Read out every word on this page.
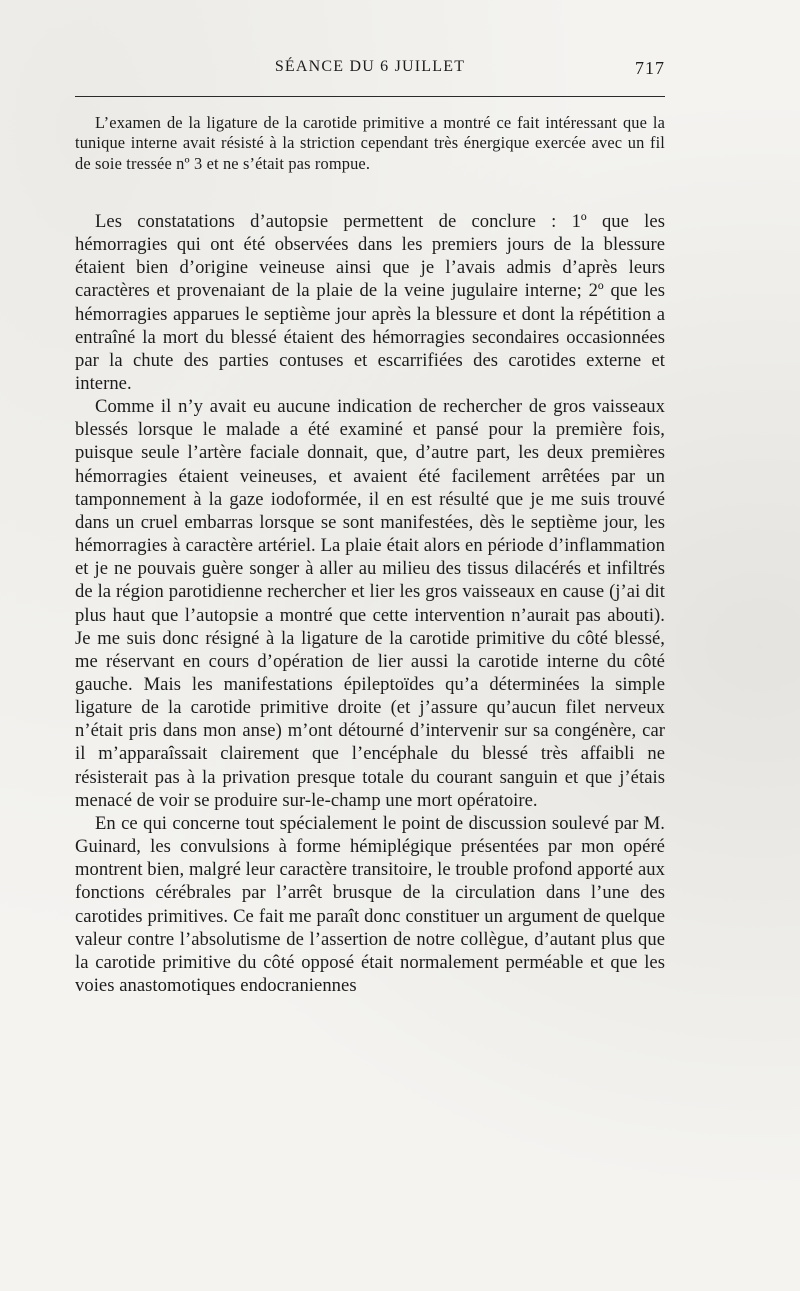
SÉANCE DU 6 JUILLET	717

L’examen de la ligature de la carotide primitive a montré ce fait intéressant que la tunique interne avait résisté à la striction cependant très énergique exercée avec un fil de soie tressée nº 3 et ne s’était pas rompue.

Les constatations d’autopsie permettent de conclure : 1º que les hémorragies qui ont été observées dans les premiers jours de la blessure étaient bien d’origine veineuse ainsi que je l’avais admis d’après leurs caractères et provenaiant de la plaie de la veine jugulaire interne; 2º que les hémorragies apparues le septième jour après la blessure et dont la répétition a entraîné la mort du blessé étaient des hémorragies secondaires occasionnées par la chute des parties contuses et escarrifiées des carotides externe et interne.

Comme il n’y avait eu aucune indication de rechercher de gros vaisseaux blessés lorsque le malade a été examiné et pansé pour la première fois, puisque seule l’artère faciale donnait, que, d’autre part, les deux premières hémorragies étaient veineuses, et avaient été facilement arrêtées par un tamponnement à la gaze iodoformée, il en est résulté que je me suis trouvé dans un cruel embarras lorsque se sont manifestées, dès le septième jour, les hémorragies à caractère artériel. La plaie était alors en période d’inflammation et je ne pouvais guère songer à aller au milieu des tissus dilacérés et infiltrés de la région parotidienne rechercher et lier les gros vaisseaux en cause (j’ai dit plus haut que l’autopsie a montré que cette intervention n’aurait pas abouti). Je me suis donc résigné à la ligature de la carotide primitive du côté blessé, me réservant en cours d’opération de lier aussi la carotide interne du côté gauche. Mais les manifestations épileptoïdes qu’a déterminées la simple ligature de la carotide primitive droite (et j’assure qu’aucun filet nerveux n’était pris dans mon anse) m’ont détourné d’intervenir sur sa congénère, car il m’apparaîssait clairement que l’encéphale du blessé très affaibli ne résisterait pas à la privation presque totale du courant sanguin et que j’étais menacé de voir se produire sur-le-champ une mort opératoire.

En ce qui concerne tout spécialement le point de discussion soulevé par M. Guinard, les convulsions à forme hémiplégique présentées par mon opéré montrent bien, malgré leur caractère transitoire, le trouble profond apporté aux fonctions cérébrales par l’arrêt brusque de la circulation dans l’une des carotides primitives. Ce fait me paraît donc constituer un argument de quelque valeur contre l’absolutisme de l’assertion de notre collègue, d’autant plus que la carotide primitive du côté opposé était normalement perméable et que les voies anastomotiques endocraniennes
